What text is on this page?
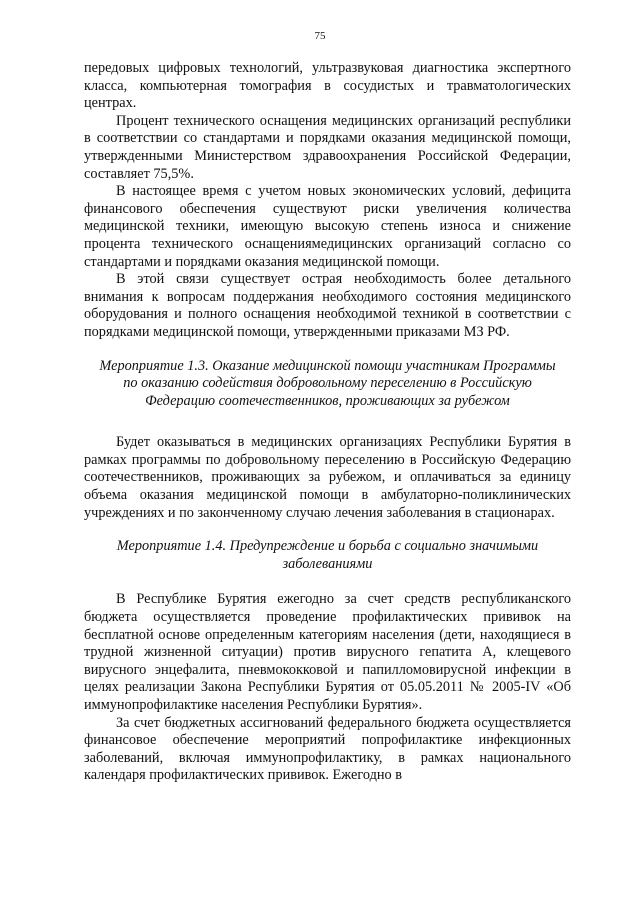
75

передовых цифровых технологий, ультразвуковая диагностика экспертного класса, компьютерная томография в сосудистых и травматологических центрах.

Процент технического оснащения медицинских организаций республики в соответствии со стандартами и порядками оказания медицинской помощи, утвержденными Министерством здравоохранения Российской Федерации, составляет 75,5%.

В настоящее время с учетом новых экономических условий, дефицита финансового обеспечения существуют риски увеличения количества медицинской техники, имеющую высокую степень износа и снижение процента технического оснащениямедицинских организаций согласно со стандартами и порядками оказания медицинской помощи.

В этой связи существует острая необходимость более детального внимания к вопросам поддержания необходимого состояния медицинского оборудования и полного оснащения необходимой техникой в соответствии с порядками медицинской помощи, утвержденными приказами МЗ РФ.

Мероприятие 1.3. Оказание медицинской помощи участникам Программы по оказанию содействия добровольному переселению в Российскую Федерацию соотечественников, проживающих за рубежом

Будет оказываться в медицинских организациях Республики Бурятия в рамках программы по добровольному переселению в Российскую Федерацию соотечественников, проживающих за рубежом, и оплачиваться за единицу объема оказания медицинской помощи в амбулаторно-поликлинических учреждениях и по законченному случаю лечения заболевания в стационарах.

Мероприятие 1.4. Предупреждение и борьба с социально значимыми заболеваниями

В Республике Бурятия ежегодно за счет средств республиканского бюджета осуществляется проведение профилактических прививок на бесплатной основе определенным категориям населения (дети, находящиеся в трудной жизненной ситуации) против вирусного гепатита А, клещевого вирусного энцефалита, пневмококковой и папилломовирусной инфекции в целях реализации Закона Республики Бурятия от 05.05.2011 № 2005-IV «Об иммунопрофилактике населения Республики Бурятия».

За счет бюджетных ассигнований федерального бюджета осуществляется финансовое обеспечение мероприятий попрофилактике инфекционных заболеваний, включая иммунопрофилактику, в рамках национального календаря профилактических прививок. Ежегодно в
